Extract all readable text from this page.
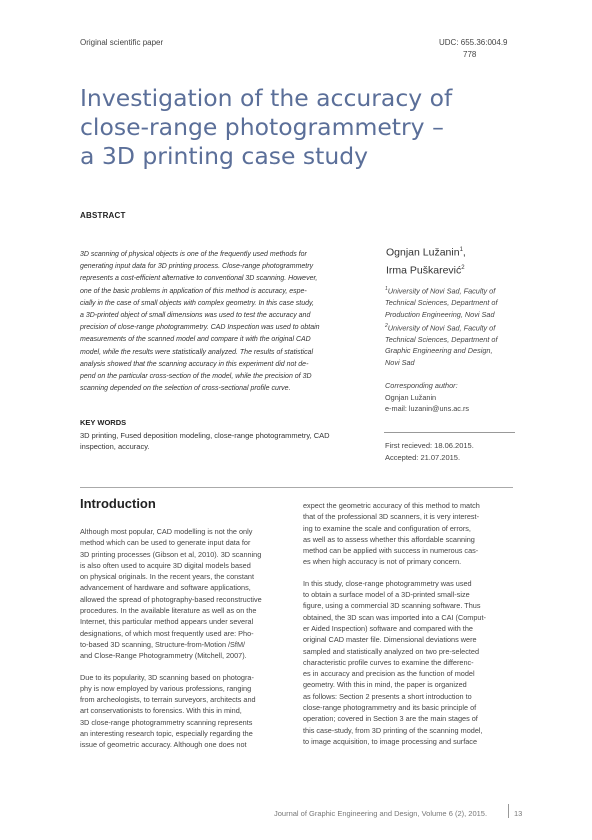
Original scientific paper	UDC: 655.36:004.9
778
Investigation of the accuracy of
close-range photogrammetry –
a 3D printing case study
ABSTRACT
3D scanning of physical objects is one of the frequently used methods for
generating input data for 3D printing process. Close-range photogrammetry
represents a cost-efficient alternative to conventional 3D scanning. However,
one of the basic problems in application of this method is accuracy, espe-
cially in the case of small objects with complex geometry. In this case study,
a 3D-printed object of small dimensions was used to test the accuracy and
precision of close-range photogrammetry. CAD Inspection was used to obtain
measurements of the scanned model and compare it with the original CAD
model, while the results were statistically analyzed. The results of statistical
analysis showed that the scanning accuracy in this experiment did not de-
pend on the particular cross-section of the model, while the precision of 3D
scanning depended on the selection of cross-sectional profile curve.
KEY WORDS
3D printing, Fused deposition modeling, close-range photogrammetry, CAD
inspection, accuracy.
Ognjan Lužanin$^1$,
Irma Puškarević$^2$
$^1$University of Novi Sad, Faculty of
Technical Sciences, Department of
Production Engineering, Novi Sad
$^2$University of Novi Sad, Faculty of
Technical Sciences, Department of
Graphic Engineering and Design,
Novi Sad
Corresponding author:
Ognjan Lužanin
e-mail: luzanin@uns.ac.rs
First recieved: 18.06.2015.
Accepted: 21.07.2015.
Introduction

Although most popular, CAD modelling is not the only
method which can be used to generate input data for
3D printing processes (Gibson et al, 2010). 3D scanning
is also often used to acquire 3D digital models based
on physical originals. In the recent years, the constant
advancement of hardware and software applications,
allowed the spread of photography-based reconstructive
procedures. In the available literature as well as on the
Internet, this particular method appears under several
designations, of which most frequently used are: Pho-
to-based 3D scanning, Structure-from-Motion /SfM/
and Close-Range Photogrammetry (Mitchell, 2007).

Due to its popularity, 3D scanning based on photogra-
phy is now employed by various professions, ranging
from archeologists, to terrain surveyors, architects and
art conservationists to forensics. With this in mind,
3D close-range photogrammetry scanning represents
an interesting research topic, especially regarding the
issue of geometric accuracy. Although one does not

expect the geometric accuracy of this method to match
that of the professional 3D scanners, it is very interest-
ing to examine the scale and configuration of errors,
as well as to assess whether this affordable scanning
method can be applied with success in numerous cas-
es when high accuracy is not of primary concern.

In this study, close-range photogrammetry was used
to obtain a surface model of a 3D-printed small-size
figure, using a commercial 3D scanning software. Thus
obtained, the 3D scan was imported into a CAI (Comput-
er Aided Inspection) software and compared with the
original CAD master file. Dimensional deviations were
sampled and statistically analyzed on two pre-selected
characteristic profile curves to examine the differenc-
es in accuracy and precision as the function of model
geometry. With this in mind, the paper is organized
as follows: Section 2 presents a short introduction to
close-range photogrammetry and its basic principle of
operation; covered in Section 3 are the main stages of
this case-study, from 3D printing of the scanning model,
to image acquisition, to image processing and surface

Journal of Graphic Engineering and Design, Volume 6 (2), 2015.	13
